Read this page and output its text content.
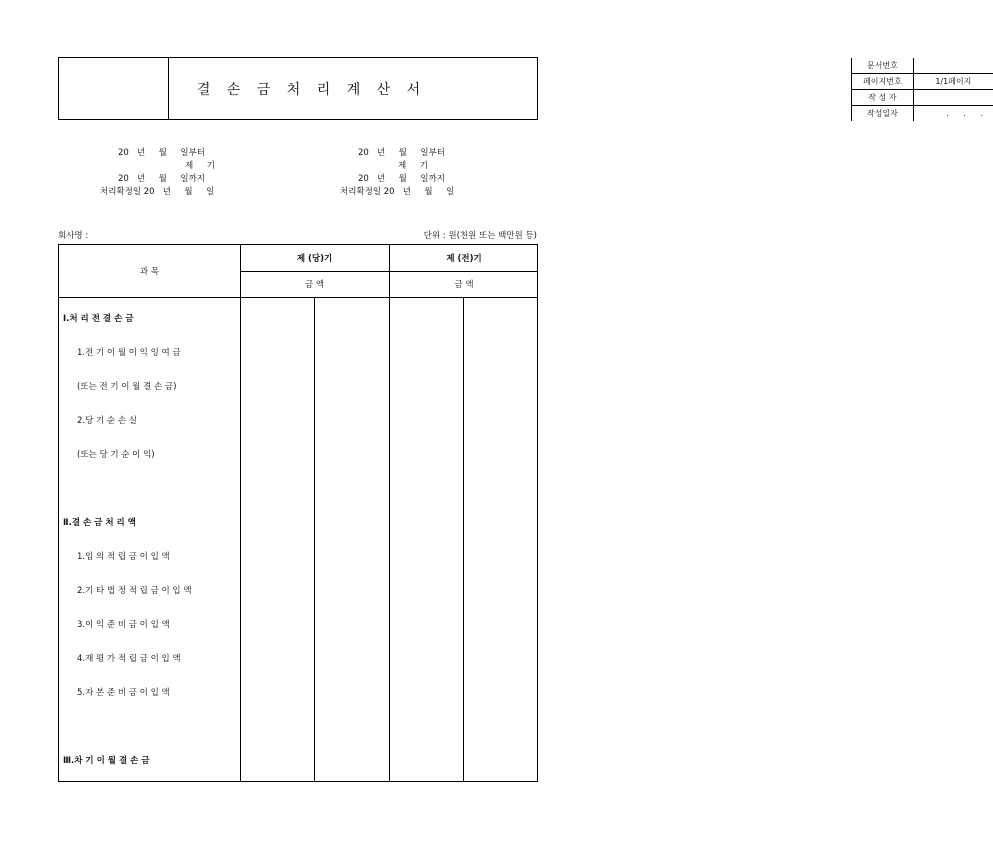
결 손 금 처 리 계 산 서
문서번호	
페이지번호	1/1페이지
작 성 자	
작성일자	. . .
20   년     월     일부터
제     기
20   년     월     일까지
처리확정일 20   년     월     일
20   년     월     일부터
제     기
20   년     월     일까지
처리확정일 20   년     월     일
회사명 :	단위 : 원(천원 또는 백만원 등)
과 목
제 (당)기	제 (전)기
금 액	금 액
Ⅰ.처 리 전 결 손 금
1.전 기 이 월 이 익 잉 여 금
(또는 전 기 이 월 결 손 금)
2.당 기 순 손 실
(또는 당 기 순 이 익)
Ⅱ.결 손 금 처 리 액
1.임 의 적 립 금 이 입 액
2.기 타 법 정 적 립 금 이 입 액
3.이 익 준 비 금 이 입 액
4.재 평 가 적 립 금 이 입 액
5.자 본 준 비 금 이 입 액
Ⅲ.차 기 이 월 결 손 금
